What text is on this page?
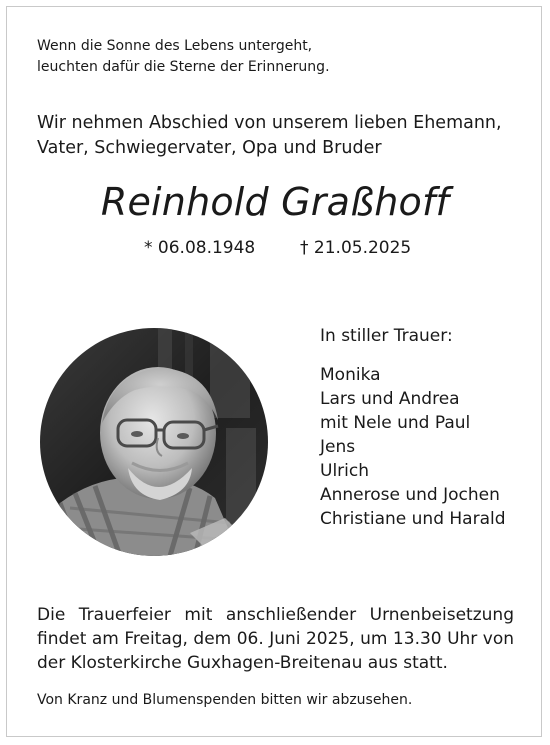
Wenn die Sonne des Lebens untergeht,
leuchten dafür die Sterne der Erinnerung.
Wir nehmen Abschied von unserem lieben Ehemann,
Vater, Schwiegervater, Opa und Bruder
Reinhold Graßhoff
* 06.08.1948	† 21.05.2025
In stiller Trauer:
Monika
Lars und Andrea
mit Nele und Paul
Jens
Ulrich
Annerose und Jochen
Christiane und Harald
Die Trauerfeier mit anschließender Urnenbeisetzung
findet am Freitag, dem 06. Juni 2025, um 13.30 Uhr von
der Klosterkirche Guxhagen-Breitenau aus statt.
Von Kranz und Blumenspenden bitten wir abzusehen.
